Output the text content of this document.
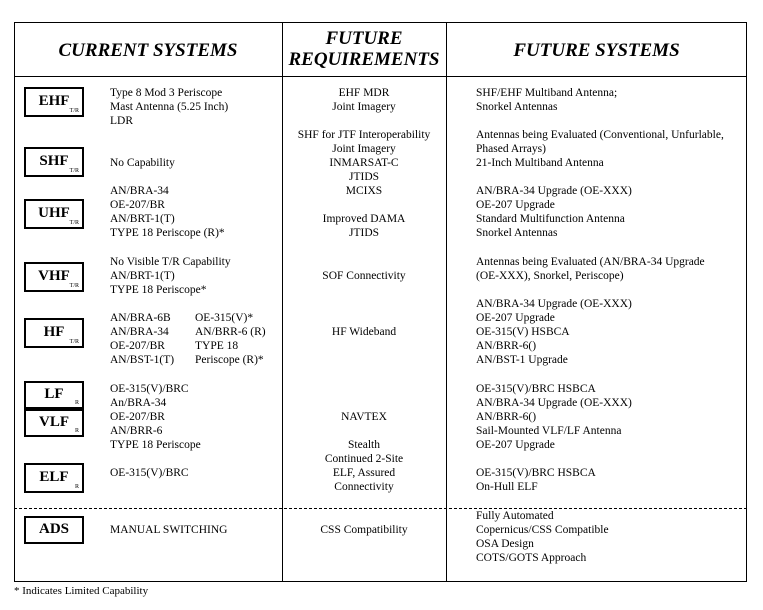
CURRENT SYSTEMS
FUTURE REQUIREMENTS	FUTURE SYSTEMS
EHF
T/R
SHF
T/R
UHF
T/R
VHF
T/R
HF
T/R
LF
R
VLF
R
ELF
R
ADS
Type 8 Mod 3 Periscope
Mast Antenna (5.25 Inch)
LDR
No Capability
AN/BRA-34
OE-207/BR
AN/BRT-1(T)
TYPE 18 Periscope (R)*
No Visible T/R Capability
AN/BRT-1(T)
TYPE 18 Periscope*
AN/BRA-6B
AN/BRA-34
OE-207/BR
AN/BST-1(T)
OE-315(V)*
AN/BRR-6 (R)
TYPE 18
Periscope (R)*
OE-315(V)/BRC
An/BRA-34
OE-207/BR
AN/BRR-6
TYPE 18 Periscope
OE-315(V)/BRC
MANUAL SWITCHING
EHF MDR
Joint Imagery
SHF for JTF Interoperability
Joint Imagery
INMARSAT-C
JTIDS
MCIXS
Improved DAMA
JTIDS
SOF Connectivity
HF Wideband
NAVTEX
Stealth
Continued 2-Site
ELF, Assured
Connectivity
CSS Compatibility
SHF/EHF Multiband Antenna;
Snorkel Antennas
Antennas being Evaluated (Conventional, Unfurlable,
Phased Arrays)
21-Inch Multiband Antenna
AN/BRA-34 Upgrade (OE-XXX)
OE-207 Upgrade
Standard Multifunction Antenna
Snorkel Antennas
Antennas being Evaluated (AN/BRA-34 Upgrade
(OE-XXX), Snorkel, Periscope)
AN/BRA-34 Upgrade (OE-XXX)
OE-207 Upgrade
OE-315(V) HSBCA
AN/BRR-6()
AN/BST-1 Upgrade
OE-315(V)/BRC HSBCA
AN/BRA-34 Upgrade (OE-XXX)
AN/BRR-6()
Sail-Mounted VLF/LF Antenna
OE-207 Upgrade
OE-315(V)/BRC HSBCA
On-Hull ELF
Fully Automated
Copernicus/CSS Compatible
OSA Design
COTS/GOTS Approach
* Indicates Limited Capability
